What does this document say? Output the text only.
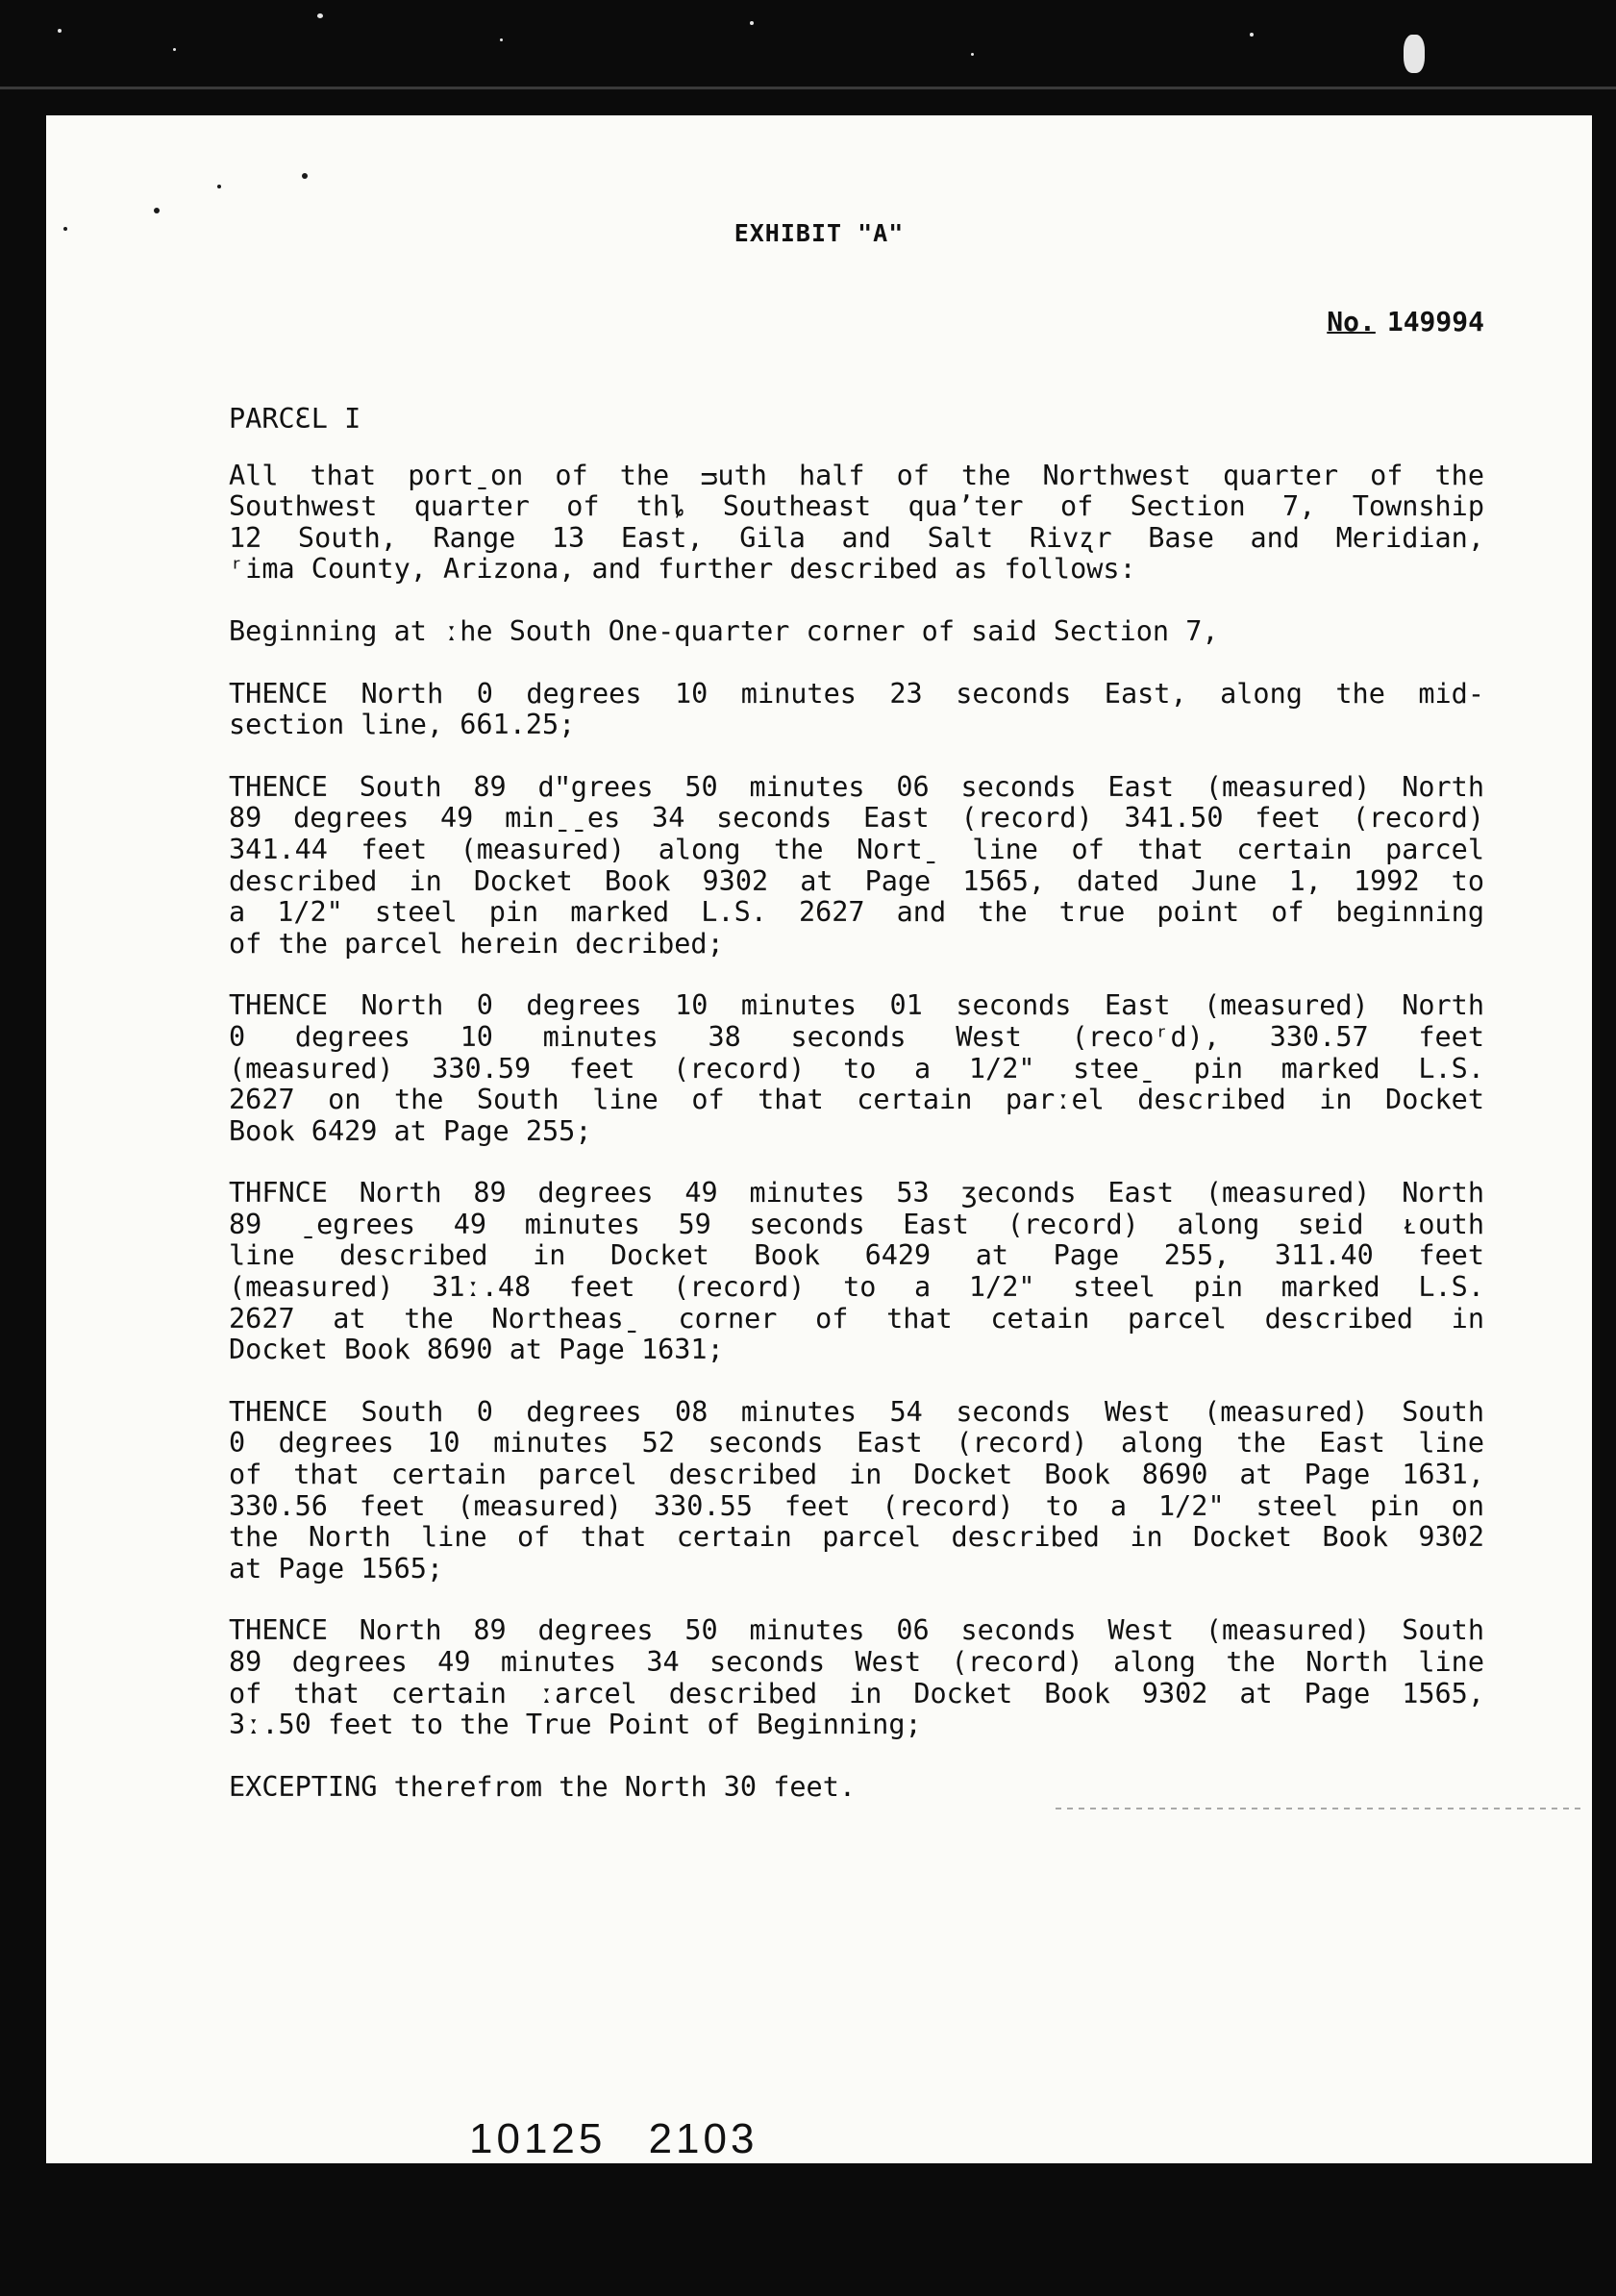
EXHIBIT "A"
No. 149994
PARCƐL I
All that portˍon of the ᴝuth half of the Northwest quarter of the
Southwest quarter of thȴ Southeast quaʼter of Section 7, Township
12 South, Range 13 East, Gila and Salt Rivʐr Base and Meridian,
ʳima County, Arizona, and further described as follows:
Beginning at ːhe South One-quarter corner of said Section 7,
THENCE North 0 degrees 10 minutes 23 seconds East, along the mid-
section line, 661.25;
THENCE South 89 dʺgrees 50 minutes 06 seconds East (measured) North
89 degrees 49 minˍˍes 34 seconds East (record) 341.50 feet (record)
341.44 feet (measured) along the Nortˍ line of that certain parcel
described in Docket Book 9302 at Page 1565, dated June 1, 1992 to
a 1/2" steel pin marked L.S. 2627 and the true point of beginning
of the parcel herein decribed;
THENCE North 0 degrees 10 minutes 01 seconds East (measured) North
0 degrees 10 minutes 38 seconds West (recoʳd), 330.57 feet
(measured) 330.59 feet (record) to a 1/2" steeˍ pin marked L.S.
2627 on the South line of that certain parːel described in Docket
Book 6429 at Page 255;
THFNCE North 89 degrees 49 minutes 53 ʒeconds East (measured) North
89 ˍegrees 49 minutes 59 seconds East (record) along sɐid ᴌouth
line described in Docket Book 6429 at Page 255, 311.40 feet
(measured) 31ː.48 feet (record) to a 1/2" steel pin marked L.S.
2627 at the Northeasˍ corner of that cetain parcel described in
Docket Book 8690 at Page 1631;
THENCE South 0 degrees 08 minutes 54 seconds West (measured) South
0 degrees 10 minutes 52 seconds East (record) along the East line
of that certain parcel described in Docket Book 8690 at Page 1631,
330.56 feet (measured) 330.55 feet (record) to a 1/2" steel pin on
the North line of that certain parcel described in Docket Book 9302
at Page 1565;
THENCE North 89 degrees 50 minutes 06 seconds West (measured) South
89 degrees 49 minutes 34 seconds West (record) along the North line
of that certain ːarcel described in Docket Book 9302 at Page 1565,
3ː.50 feet to the True Point of Beginning;
EXCEPTING therefrom the North 30 feet.
10125 2103
